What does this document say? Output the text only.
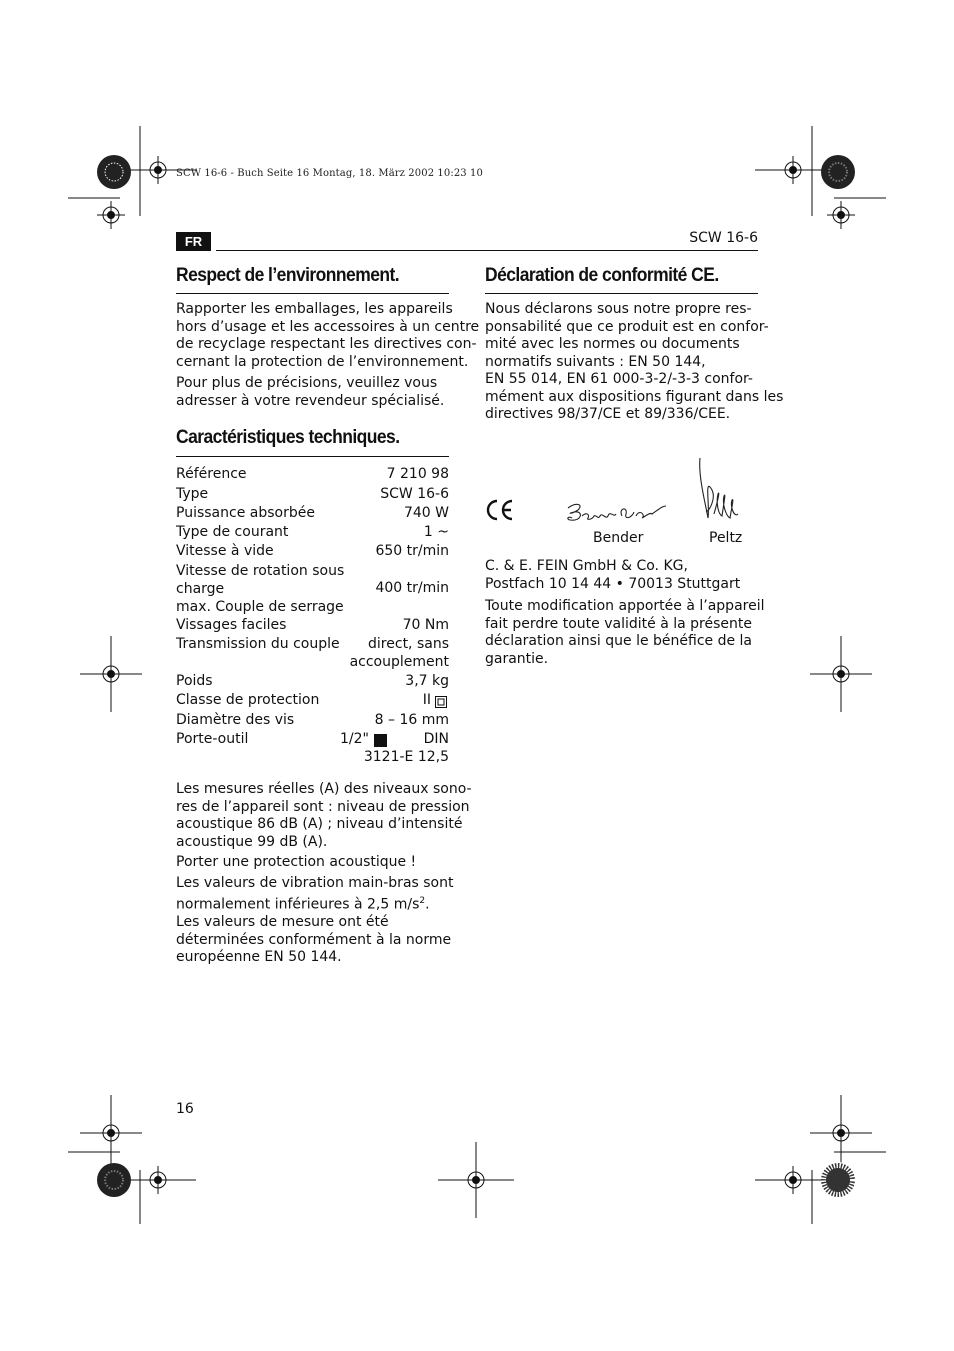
SCW 16-6 - Buch Seite 16 Montag, 18. März 2002 10:23 10
FR	SCW 16-6
Respect de l’environnement.
Rapporter les emballages, les appareils
hors d’usage et les accessoires à un centre
de recyclage respectant les directives con-
cernant la protection de l’environnement.
Pour plus de précisions, veuillez vous
adresser à votre revendeur spécialisé.
Caractéristiques techniques.
Référence	7 210 98
Type	SCW 16-6
Puissance absorbée	740 W
Type de courant	1 ~
Vitesse à vide	650 tr/min
Vitesse de rotation sous
charge	400 tr/min
max. Couple de serrage
Vissages faciles	70 Nm
Transmission du couple	direct, sans
accouplement
Poids	3,7 kg
Classe de protection	II
Diamètre des vis	8 – 16 mm
Porte-outil	1/2"	DIN
3121-E 12,5
Les mesures réelles (A) des niveaux sono-
res de l’appareil sont : niveau de pression
acoustique 86 dB (A) ; niveau d’intensité
acoustique 99 dB (A).
Porter une protection acoustique !
Les valeurs de vibration main-bras sont
normalement inférieures à 2,5 $m/s^2$.
Les valeurs de mesure ont été
déterminées conformément à la norme
européenne EN 50 144.
Déclaration de conformité CE.
Nous déclarons sous notre propre res-
ponsabilité que ce produit est en confor-
mité avec les normes ou documents
normatifs suivants : EN 50 144,
EN 55 014, EN 61 000-3-2/-3-3 confor-
mément aux dispositions figurant dans les
directives 98/37/CE et 89/336/CEE.
Bender	Peltz
C. & E. FEIN GmbH & Co. KG,
Postfach 10 14 44 • 70013 Stuttgart
Toute modification apportée à l’appareil
fait perdre toute validité à la présente
déclaration ainsi que le bénéfice de la
garantie.
16
